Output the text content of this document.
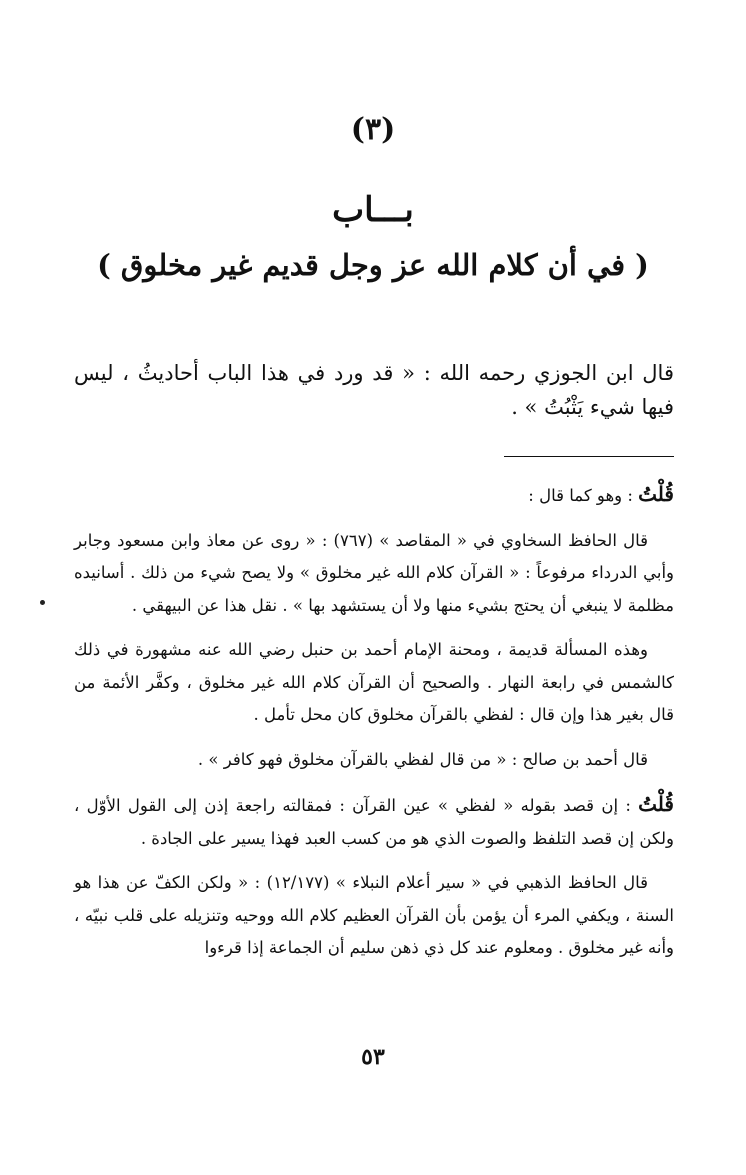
(٣)
بـــاب
( في أن كلام الله عز وجل قديم غير مخلوق )
قال ابن الجوزي رحمه الله : « قد ورد في هذا الباب أحاديثُ ، ليس فيها شيء يَثْبُتُ » .

قُلْتُ : وهو كما قال :

قال الحافظ السخاوي في « المقاصد » (٧٦٧) : « روى عن معاذ وابن مسعود وجابر وأبي الدرداء مرفوعاً : « القرآن كلام الله غير مخلوق » ولا يصح شيء من ذلك . أسانيده مظلمة لا ينبغي أن يحتج بشيء منها ولا أن يستشهد بها » . نقل هذا عن البيهقي .

وهذه المسألة قديمة ، ومحنة الإمام أحمد بن حنبل رضي الله عنه مشهورة في ذلك كالشمس في رابعة النهار . والصحيح أن القرآن كلام الله غير مخلوق ، وكفَّر الأئمة من قال بغير هذا وإن قال : لفظي بالقرآن مخلوق كان محل تأمل .

قال أحمد بن صالح : « من قال لفظي بالقرآن مخلوق فهو كافر » .

قُلْتُ : إن قصد بقوله « لفظي » عين القرآن : فمقالته راجعة إذن إلى القول الأوّل ، ولكن إن قصد التلفظ والصوت الذي هو من كسب العبد فهذا يسير على الجادة .

قال الحافظ الذهبي في « سير أعلام النبلاء » (١٢/١٧٧) : « ولكن الكفّ عن هذا هو السنة ، ويكفي المرء أن يؤمن بأن القرآن العظيم كلام الله ووحيه وتنزيله على قلب نبيّه ، وأنه غير مخلوق . ومعلوم عند كل ذي ذهن سليم أن الجماعة إذا قرءوا

٥٣
